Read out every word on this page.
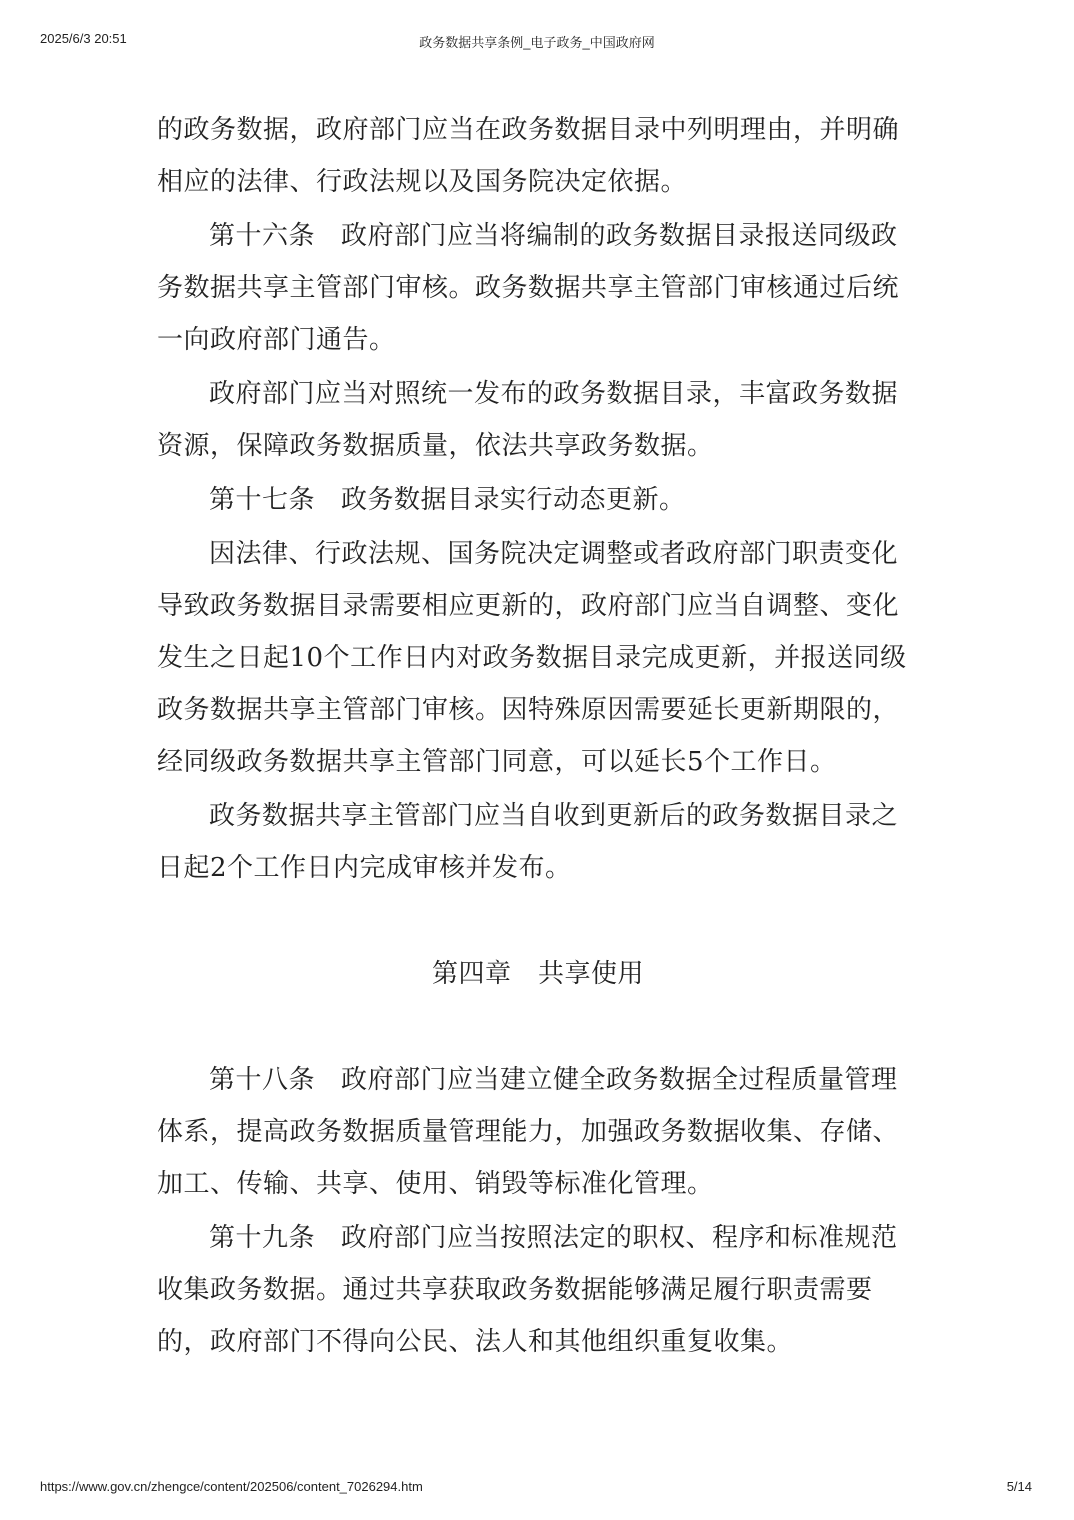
2025/6/3 20:51	政务数据共享条例_电子政务_中国政府网

的政务数据，政府部门应当在政务数据目录中列明理由，并明确相应的法律、行政法规以及国务院决定依据。

第十六条 政府部门应当将编制的政务数据目录报送同级政务数据共享主管部门审核。政务数据共享主管部门审核通过后统一向政府部门通告。

政府部门应当对照统一发布的政务数据目录，丰富政务数据资源，保障政务数据质量，依法共享政务数据。

第十七条 政务数据目录实行动态更新。

因法律、行政法规、国务院决定调整或者政府部门职责变化导致政务数据目录需要相应更新的，政府部门应当自调整、变化发生之日起10个工作日内对政务数据目录完成更新，并报送同级政务数据共享主管部门审核。因特殊原因需要延长更新期限的，经同级政务数据共享主管部门同意，可以延长5个工作日。

政务数据共享主管部门应当自收到更新后的政务数据目录之日起2个工作日内完成审核并发布。

第四章　共享使用

第十八条 政府部门应当建立健全政务数据全过程质量管理体系，提高政务数据质量管理能力，加强政务数据收集、存储、加工、传输、共享、使用、销毁等标准化管理。

第十九条 政府部门应当按照法定的职权、程序和标准规范收集政务数据。通过共享获取政务数据能够满足履行职责需要的，政府部门不得向公民、法人和其他组织重复收集。

https://www.gov.cn/zhengce/content/202506/content_7026294.htm	5/14
